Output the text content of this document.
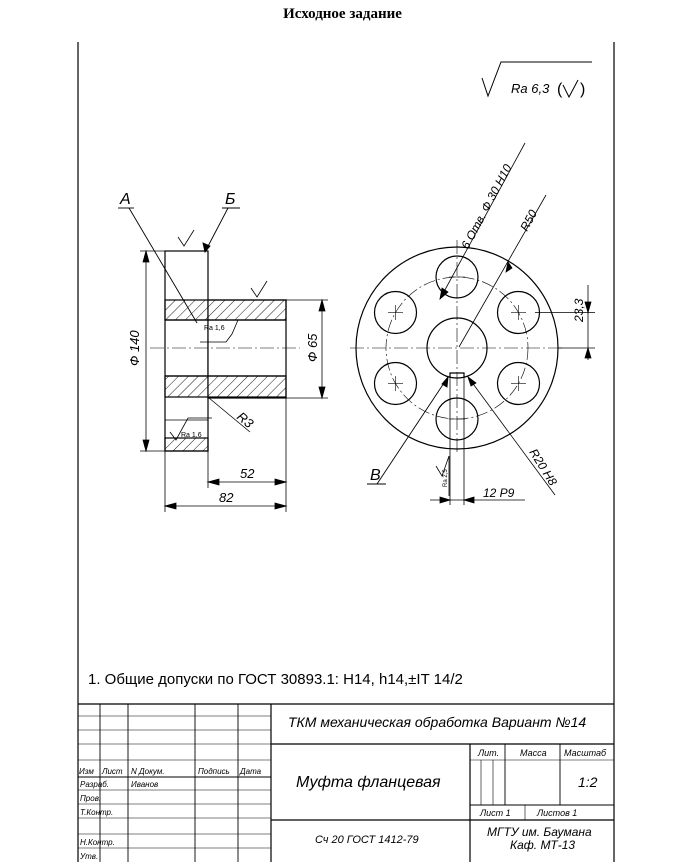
Исходное задание
Ra 6,3 ( )
Ф 140	Ф 65
52
82
R3
А	Б
Ra 1,6
Ra 1,6
6 Отв. Ф 30 H10 R50
23,3
R20 H8
В
12 P9
Ra 2,5
1. Общие допуски по ГОСТ 30893.1: H14, h14,±IT 14/2
ТКМ механическая обработка Вариант №14
Муфта фланцевая
Сч 20 ГОСТ 1412-79
МГТУ им. Баумана
Каф. МТ-13
Лит. Масса Масштаб
1:2
Лист 1	Листов 1
Изм Лист N Докум.	Подпись Дата
Разраб.	Иванов
Пров.
Т.Контр.
Н.Контр.
Утв.
